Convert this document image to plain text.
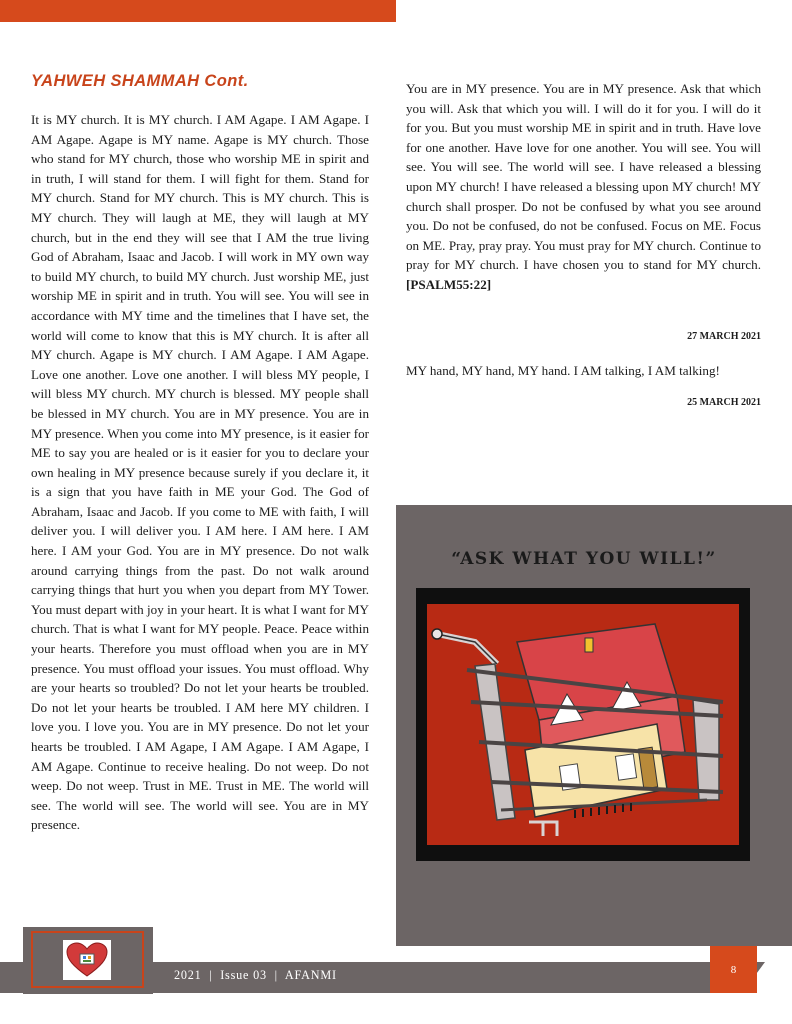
YAHWEH SHAMMAH Cont.

It is MY church. It is MY church. I AM Agape. I AM Agape. I AM Agape. Agape is MY name. Agape is MY church. Those who stand for MY church, those who worship ME in spirit and in truth, I will stand for them. I will fight for them. Stand for MY church. Stand for MY church. This is MY church. This is MY church. They will laugh at ME, they will laugh at MY church, but in the end they will see that I AM the true living God of Abraham, Isaac and Jacob. I will work in MY own way to build MY church, to build MY church. Just worship ME, just worship ME in spirit and in truth. You will see. You will see in accordance with MY time and the timelines that I have set, the world will come to know that this is MY church. It is after all MY church. Agape is MY church. I AM Agape. I AM Agape. Love one another. Love one another. I will bless MY people, I will bless MY church. MY church is blessed. MY people shall be blessed in MY church. You are in MY presence. You are in MY presence. When you come into MY presence, is it easier for ME to say you are healed or is it easier for you to declare your own healing in MY presence because surely if you declare it, it is a sign that you have faith in ME your God. The God of Abraham, Isaac and Jacob. If you come to ME with faith, I will deliver you. I will deliver you. I AM here. I AM here. I AM here. I AM your God. You are in MY presence. Do not walk around carrying things from the past. Do not walk around carrying things that hurt you when you depart from MY Tower. You must depart with joy in your heart. It is what I want for MY church. That is what I want for MY people. Peace. Peace within your hearts. Therefore you must offload when you are in MY presence. You must offload your issues. You must offload. Why are your hearts so troubled? Do not let your hearts be troubled. Do not let your hearts be troubled. I AM here MY children. I love you. I love you. You are in MY presence. Do not let your hearts be troubled. I AM Agape, I AM Agape. I AM Agape, I AM Agape. Continue to receive healing. Do not weep. Do not weep. Do not weep. Trust in ME. Trust in ME. The world will see. The world will see. The world will see. You are in MY presence.

You are in MY presence. You are in MY presence. Ask that which you will. Ask that which you will. I will do it for you. I will do it for you. But you must worship ME in spirit and in truth. Have love for one another. Have love for one another. You will see. You will see. You will see. The world will see. I have released a blessing upon MY church! I have released a blessing upon MY church! MY church shall prosper. Do not be confused by what you see around you. Do not be confused, do not be confused. Focus on ME. Focus on ME. Pray, pray pray. You must pray for MY church. Continue to pray for MY church. I have chosen you to stand for MY church. [PSALM55:22]

27 MARCH 2021
MY hand, MY hand, MY hand. I AM talking, I AM talking!
25 MARCH 2021
“ASK WHAT YOU WILL!”
2021  |  Issue 03  |  AFANMI	8
